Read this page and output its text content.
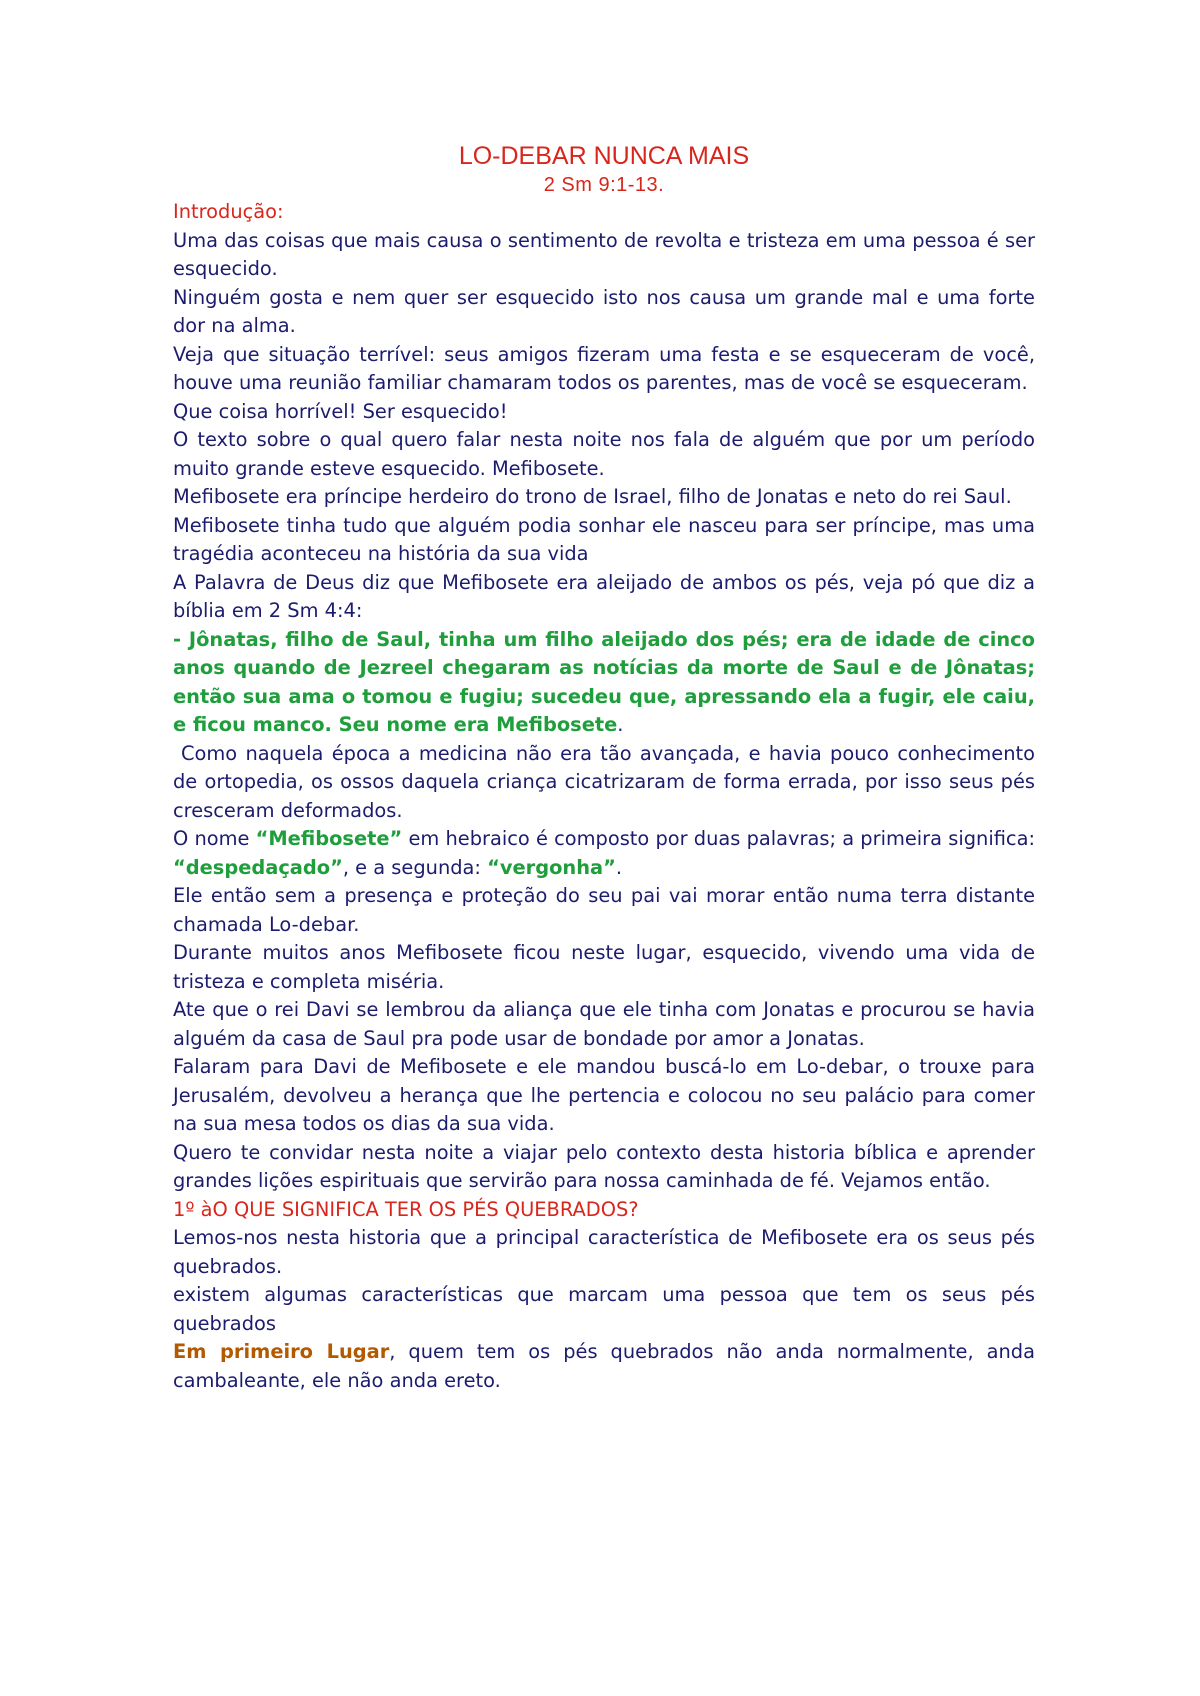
LO-DEBAR NUNCA MAIS
2 Sm 9:1-13.

Introdução:

Uma das coisas que mais causa o sentimento de revolta e tristeza em uma pessoa é ser esquecido.

Ninguém gosta e nem quer ser esquecido isto nos causa um grande mal e uma forte dor na alma.

Veja que situação terrível: seus amigos fizeram uma festa e se esqueceram de você, houve uma reunião familiar chamaram todos os parentes, mas de você se esqueceram.

Que coisa horrível! Ser esquecido!

O texto sobre o qual quero falar nesta noite nos fala de alguém que por um período muito grande esteve esquecido. Mefibosete.

Mefibosete era príncipe herdeiro do trono de Israel, filho de Jonatas e neto do rei Saul.

Mefibosete tinha tudo que alguém podia sonhar ele nasceu para ser príncipe, mas uma tragédia aconteceu na história da sua vida

A Palavra de Deus diz que Mefibosete era aleijado de ambos os pés, veja pó que diz a bíblia em 2 Sm 4:4:

- Jônatas, filho de Saul, tinha um filho aleijado dos pés; era de idade de cinco anos quando de Jezreel chegaram as notícias da morte de Saul e de Jônatas; então sua ama o tomou e fugiu; sucedeu que, apressando ela a fugir, ele caiu, e ficou manco. Seu nome era Mefibosete.

Como naquela época a medicina não era tão avançada, e havia pouco conhecimento de ortopedia, os ossos daquela criança cicatrizaram de forma errada, por isso seus pés cresceram deformados.

O nome “Mefibosete” em hebraico é composto por duas palavras; a primeira significa: “despedaçado”, e a segunda: “vergonha”.

Ele então sem a presença e proteção do seu pai vai morar então numa terra distante chamada Lo-debar.

Durante muitos anos Mefibosete ficou neste lugar, esquecido, vivendo uma vida de tristeza e completa miséria.

Ate que o rei Davi se lembrou da aliança que ele tinha com Jonatas e procurou se havia alguém da casa de Saul pra pode usar de bondade por amor a Jonatas.

Falaram para Davi de Mefibosete e ele mandou buscá-lo em Lo-debar, o trouxe para Jerusalém, devolveu a herança que lhe pertencia e colocou no seu palácio para comer na sua mesa todos os dias da sua vida.

Quero te convidar nesta noite a viajar pelo contexto desta historia bíblica e aprender grandes lições espirituais que servirão para nossa caminhada de fé. Vejamos então.

1º àO QUE SIGNIFICA TER OS PÉS QUEBRADOS?

Lemos-nos nesta historia que a principal característica de Mefibosete era os seus pés quebrados.

existem algumas características que marcam uma pessoa que tem os seus pés quebrados

Em primeiro Lugar, quem tem os pés quebrados não anda normalmente, anda cambaleante, ele não anda ereto.
